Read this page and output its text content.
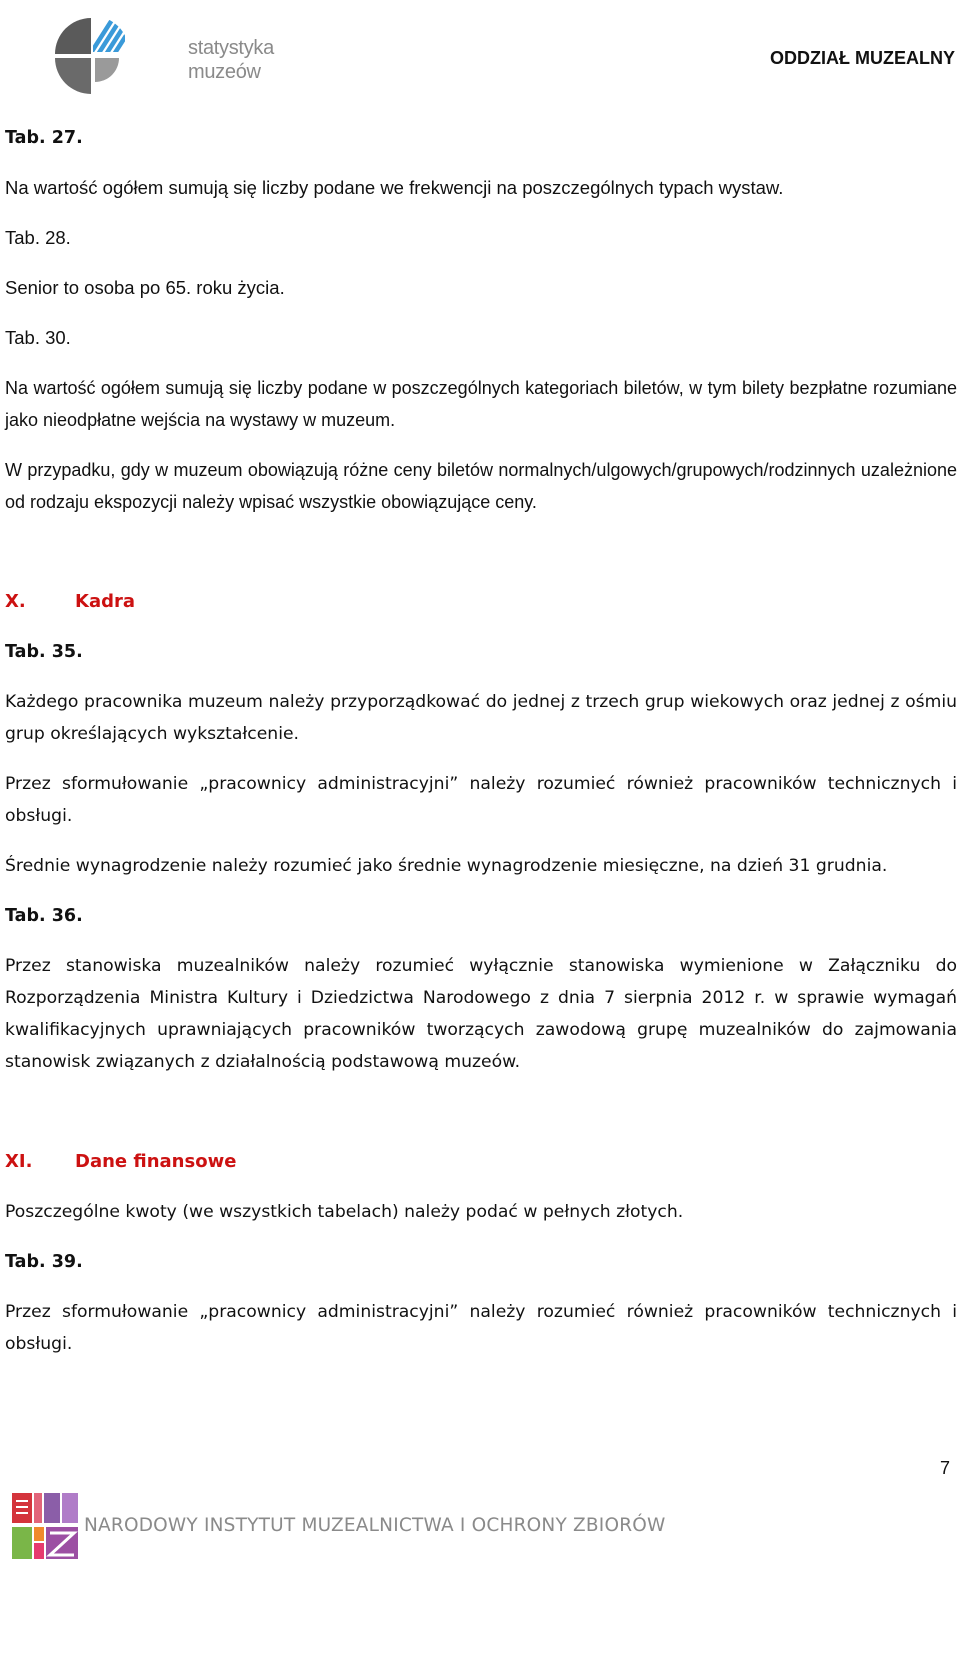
statystyka
muzeów
ODDZIAŁ MUZEALNY

Tab. 27.

Na wartość ogółem sumują się liczby podane we frekwencji na poszczególnych typach wystaw.

Tab. 28.

Senior to osoba po 65. roku życia.

Tab. 30.

Na wartość ogółem sumują się liczby podane w poszczególnych kategoriach biletów, w tym bilety bezpłatne rozumiane jako nieodpłatne wejścia na wystawy w muzeum.

W przypadku, gdy w muzeum obowiązują różne ceny biletów normalnych/ulgowych/grupowych/rodzinnych uzależnione od rodzaju ekspozycji należy wpisać wszystkie obowiązujące ceny.

X.	Kadra

Tab. 35.

Każdego pracownika muzeum należy przyporządkować do jednej z trzech grup wiekowych oraz jednej z ośmiu grup określających wykształcenie.

Przez sformułowanie „pracownicy administracyjni” należy rozumieć również pracowników technicznych i obsługi.

Średnie wynagrodzenie należy rozumieć jako średnie wynagrodzenie miesięczne, na dzień 31 grudnia.

Tab. 36.

Przez stanowiska muzealników należy rozumieć wyłącznie stanowiska wymienione w Załączniku do Rozporządzenia Ministra Kultury i Dziedzictwa Narodowego z dnia 7 sierpnia 2012 r. w sprawie wymagań kwalifikacyjnych uprawniających pracowników tworzących zawodową grupę muzealników do zajmowania stanowisk związanych z działalnością podstawową muzeów.

XI. Dane finansowe

Poszczególne kwoty (we wszystkich tabelach) należy podać w pełnych złotych.

Tab. 39.

Przez sformułowanie „pracownicy administracyjni” należy rozumieć również pracowników technicznych i obsługi.

7
NARODOWY INSTYTUT MUZEALNICTWA I OCHRONY ZBIORÓW
